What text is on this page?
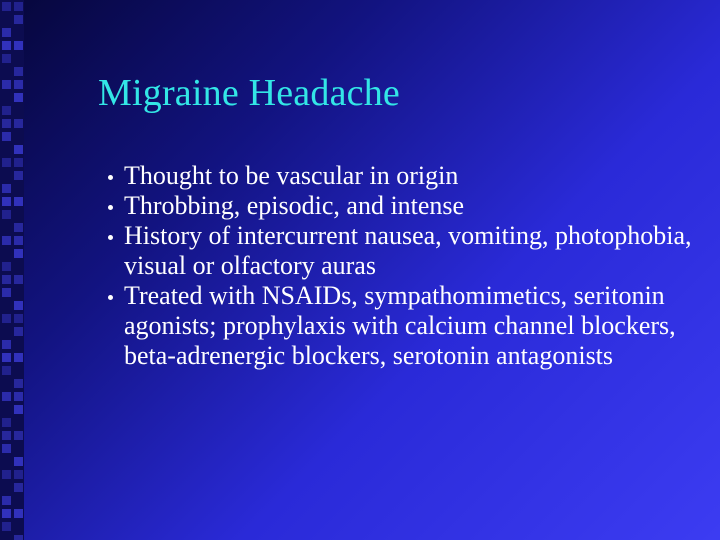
Migraine Headache
Thought to be vascular in origin
Throbbing, episodic, and intense
History of intercurrent nausea, vomiting, photophobia, visual or olfactory auras
Treated with NSAIDs, sympathomimetics, seritonin agonists; prophylaxis with calcium channel blockers, beta-adrenergic blockers, serotonin antagonists
